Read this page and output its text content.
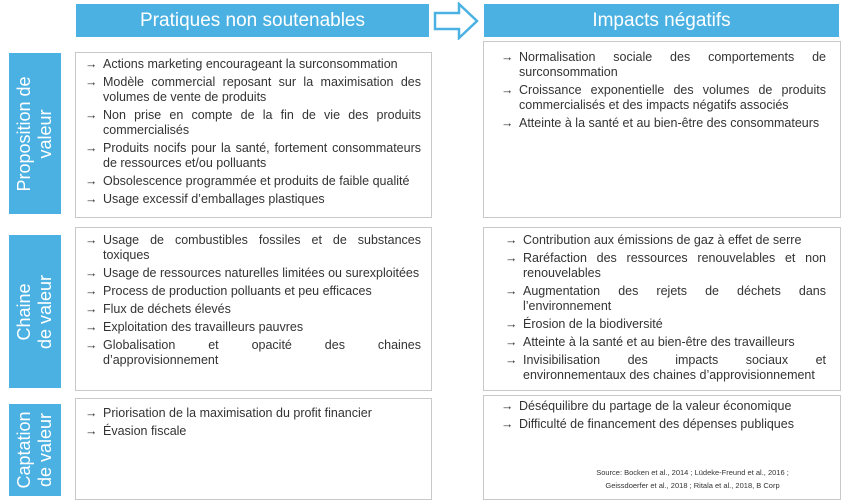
Pratiques non soutenables	Impacts négatifs
Proposition de valeur
→ Actions marketing encourageant la surconsommation
→ Modèle commercial reposant sur la maximisation des volumes de vente de produits
→ Non prise en compte de la fin de vie des produits commercialisés
→ Produits nocifs pour la santé, fortement consommateurs de ressources et/ou polluants
→ Obsolescence programmée et produits de faible qualité
→ Usage excessif d’emballages plastiques
→ Normalisation sociale des comportements de surconsommation
→ Croissance exponentielle des volumes de produits commercialisés et des impacts négatifs associés
→ Atteinte à la santé et au bien-être des consommateurs
Chaine de valeur
→ Usage de combustibles fossiles et de substances toxiques
→ Usage de ressources naturelles limitées ou surexploitées
→ Process de production polluants et peu efficaces
→ Flux de déchets élevés
→ Exploitation des travailleurs pauvres
→ Globalisation et opacité des chaines d’approvisionnement
→ Contribution aux émissions de gaz à effet de serre
→ Raréfaction des ressources renouvelables et non renouvelables
→ Augmentation des rejets de déchets dans l’environnement
→ Érosion de la biodiversité
→ Atteinte à la santé et au bien-être des travailleurs
→ Invisibilisation des impacts sociaux et environnementaux des chaines d’approvisionnement
Captation de valeur
→	Priorisation de la maximisation du profit financier
→ Évasion fiscale
→ Déséquilibre du partage de la valeur économique
→ Difficulté de financement des dépenses publiques
Source: Bocken et al., 2014 ; Lüdeke-Freund et al., 2016 ;
Geissdoerfer et al., 2018 ; Ritala et al., 2018, B Corp
